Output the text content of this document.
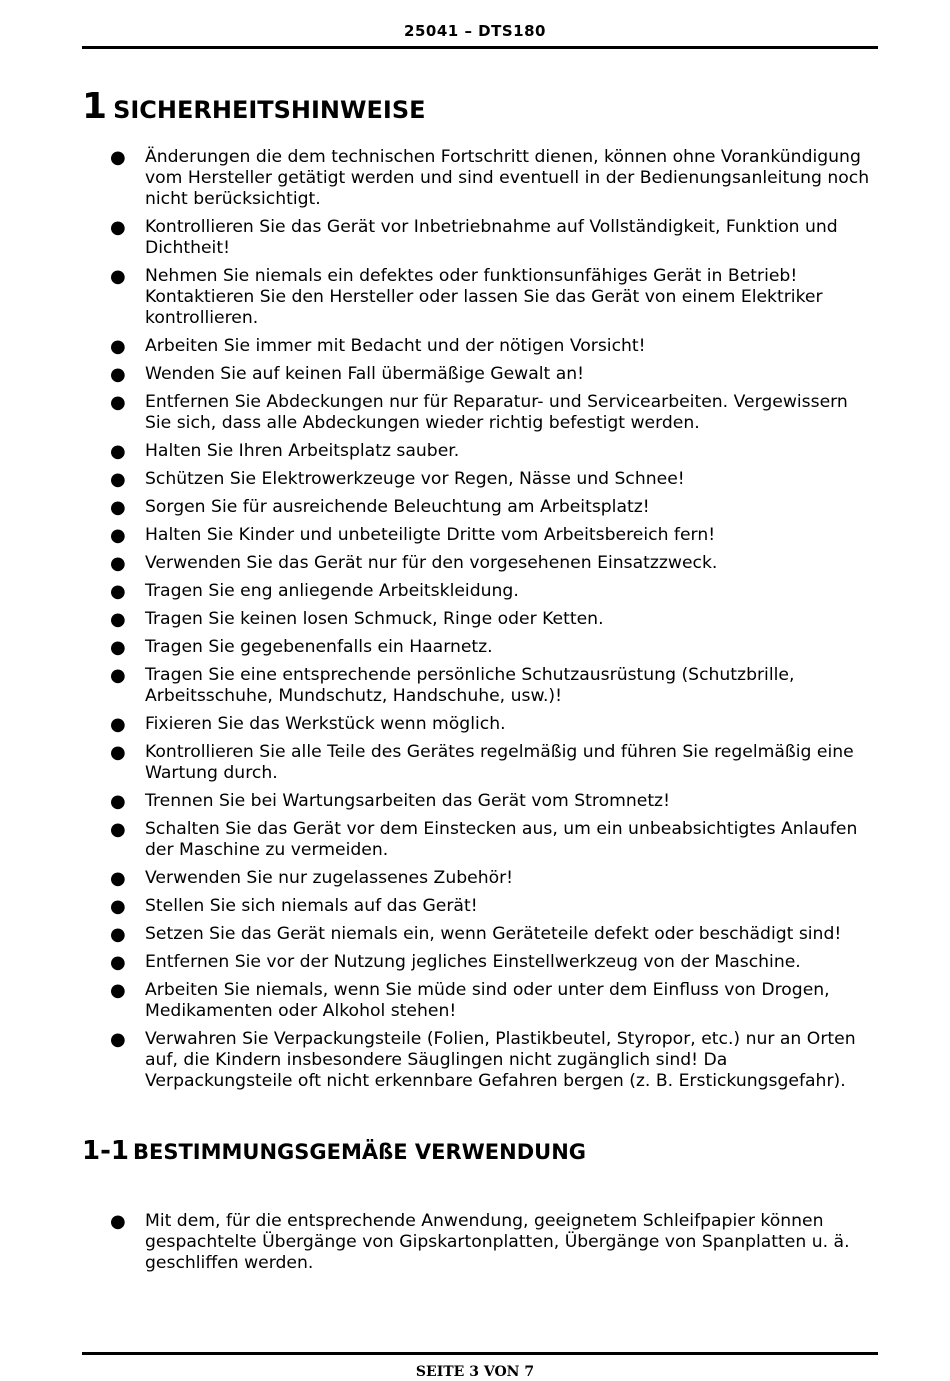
25041 – DTS180
1 SICHERHEITSHINWEISE
● Änderungen die dem technischen Fortschritt dienen, können ohne Vorankündigung vom Hersteller getätigt werden und sind eventuell in der Bedienungsanleitung noch nicht berücksichtigt.
● Kontrollieren Sie das Gerät vor Inbetriebnahme auf Vollständigkeit, Funktion und Dichtheit!
● Nehmen Sie niemals ein defektes oder funktionsunfähiges Gerät in Betrieb! Kontaktieren Sie den Hersteller oder lassen Sie das Gerät von einem Elektriker kontrollieren.
● Arbeiten Sie immer mit Bedacht und der nötigen Vorsicht!
● Wenden Sie auf keinen Fall übermäßige Gewalt an!
● Entfernen Sie Abdeckungen nur für Reparatur- und Servicearbeiten. Vergewissern Sie sich, dass alle Abdeckungen wieder richtig befestigt werden.
● Halten Sie Ihren Arbeitsplatz sauber.
● Schützen Sie Elektrowerkzeuge vor Regen, Nässe und Schnee!
● Sorgen Sie für ausreichende Beleuchtung am Arbeitsplatz!
● Halten Sie Kinder und unbeteiligte Dritte vom Arbeitsbereich fern!
● Verwenden Sie das Gerät nur für den vorgesehenen Einsatzzweck.
● Tragen Sie eng anliegende Arbeitskleidung.
● Tragen Sie keinen losen Schmuck, Ringe oder Ketten.
● Tragen Sie gegebenenfalls ein Haarnetz.
● Tragen Sie eine entsprechende persönliche Schutzausrüstung (Schutzbrille, Arbeitsschuhe, Mundschutz, Handschuhe, usw.)!
● Fixieren Sie das Werkstück wenn möglich.
● Kontrollieren Sie alle Teile des Gerätes regelmäßig und führen Sie regelmäßig eine Wartung durch.
● Trennen Sie bei Wartungsarbeiten das Gerät vom Stromnetz!
● Schalten Sie das Gerät vor dem Einstecken aus, um ein unbeabsichtigtes Anlaufen der Maschine zu vermeiden.
● Verwenden Sie nur zugelassenes Zubehör!
● Stellen Sie sich niemals auf das Gerät!
● Setzen Sie das Gerät niemals ein, wenn Geräteteile defekt oder beschädigt sind!
● Entfernen Sie vor der Nutzung jegliches Einstellwerkzeug von der Maschine.
● Arbeiten Sie niemals, wenn Sie müde sind oder unter dem Einfluss von Drogen, Medikamenten oder Alkohol stehen!
● Verwahren Sie Verpackungsteile (Folien, Plastikbeutel, Styropor, etc.) nur an Orten auf, die Kindern insbesondere Säuglingen nicht zugänglich sind! Da Verpackungsteile oft nicht erkennbare Gefahren bergen (z. B. Erstickungsgefahr).
1-1 BESTIMMUNGSGEMÄßE VERWENDUNG
● Mit dem, für die entsprechende Anwendung, geeignetem Schleifpapier können gespachtelte Übergänge von Gipskartonplatten, Übergänge von Spanplatten u. ä. geschliffen werden.
SEITE 3 VON 7
